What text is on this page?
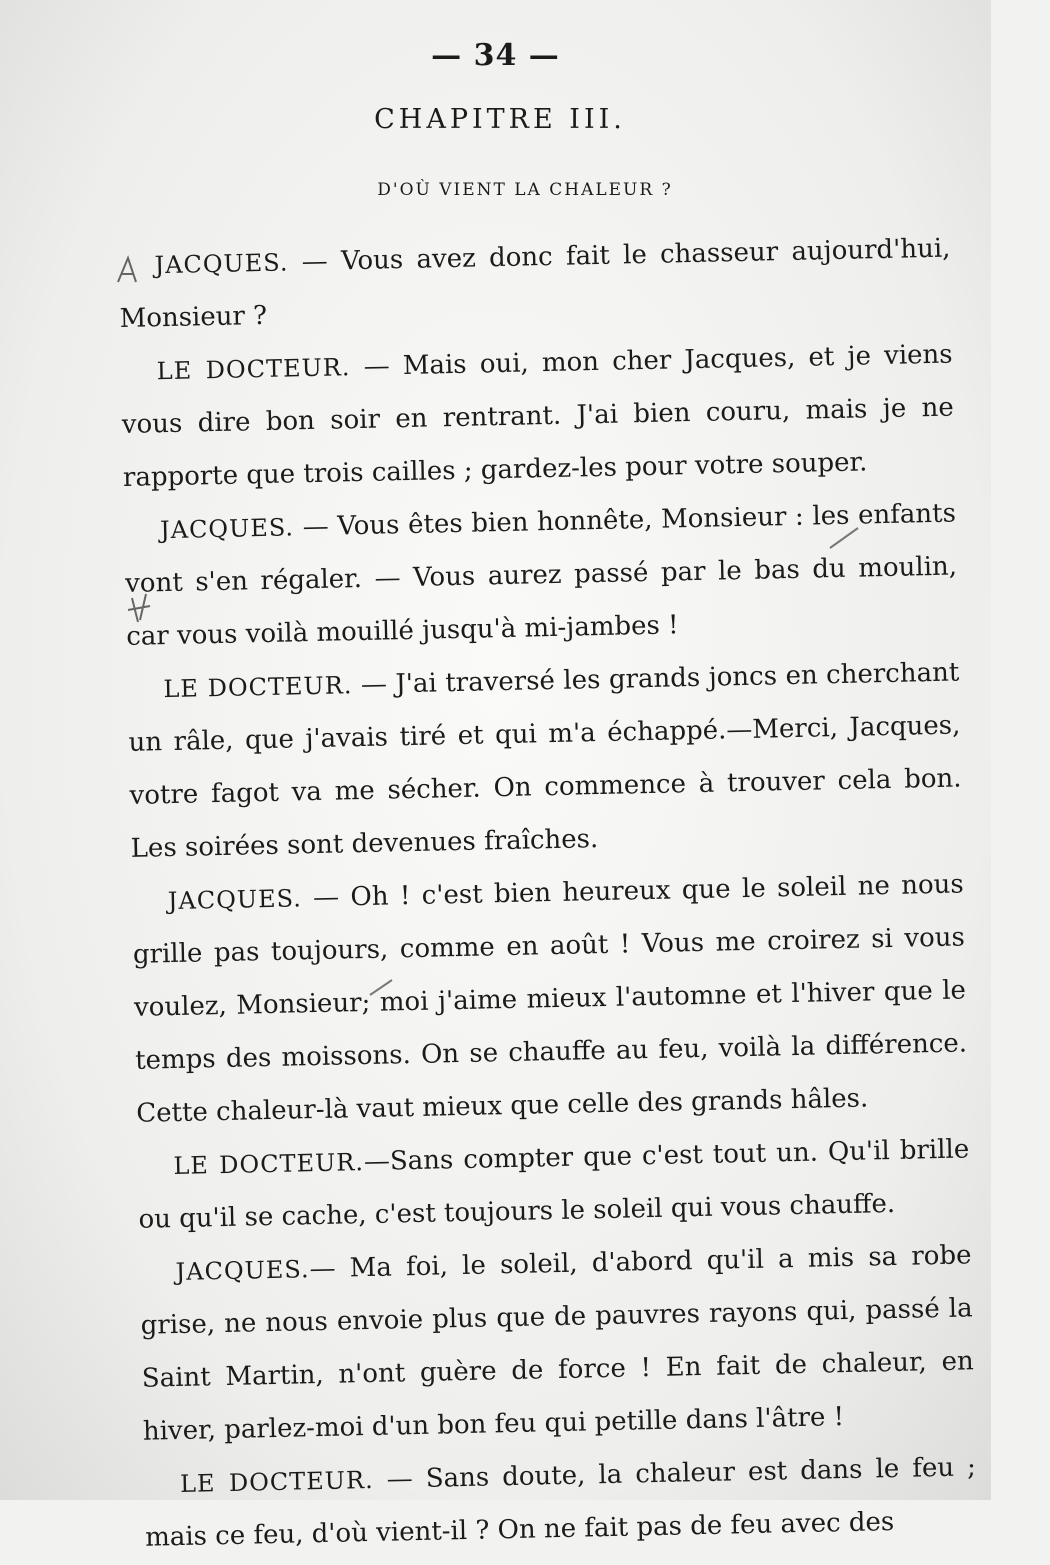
— 34 —
CHAPITRE III.
D'OÙ VIENT LA CHALEUR ?

JACQUES. — Vous avez donc fait le chasseur aujourd'hui, Monsieur ?

LE DOCTEUR. — Mais oui, mon cher Jacques, et je viens vous dire bon soir en rentrant. J'ai bien couru, mais je ne rapporte que trois cailles ; gardez-les pour votre souper.

JACQUES. — Vous êtes bien honnête, Monsieur : les enfants vont s'en régaler. — Vous aurez passé par le bas du moulin, car vous voilà mouillé jusqu'à mi-jambes !

LE DOCTEUR. — J'ai traversé les grands joncs en cherchant un râle, que j'avais tiré et qui m'a échappé.—Merci, Jacques, votre fagot va me sécher. On commence à trouver cela bon. Les soirées sont devenues fraîches.

JACQUES. — Oh ! c'est bien heureux que le soleil ne nous grille pas toujours, comme en août ! Vous me croirez si vous voulez, Monsieur; moi j'aime mieux l'automne et l'hiver que le temps des moissons. On se chauffe au feu, voilà la différence. Cette chaleur-là vaut mieux que celle des grands hâles.

LE DOCTEUR.—Sans compter que c'est tout un. Qu'il brille ou qu'il se cache, c'est toujours le soleil qui vous chauffe.

JACQUES.— Ma foi, le soleil, d'abord qu'il a mis sa robe grise, ne nous envoie plus que de pauvres rayons qui, passé la Saint Martin, n'ont guère de force ! En fait de chaleur, en hiver, parlez-moi d'un bon feu qui petille dans l'âtre !

LE DOCTEUR. — Sans doute, la chaleur est dans le feu ; mais ce feu, d'où vient-il ? On ne fait pas de feu avec des
